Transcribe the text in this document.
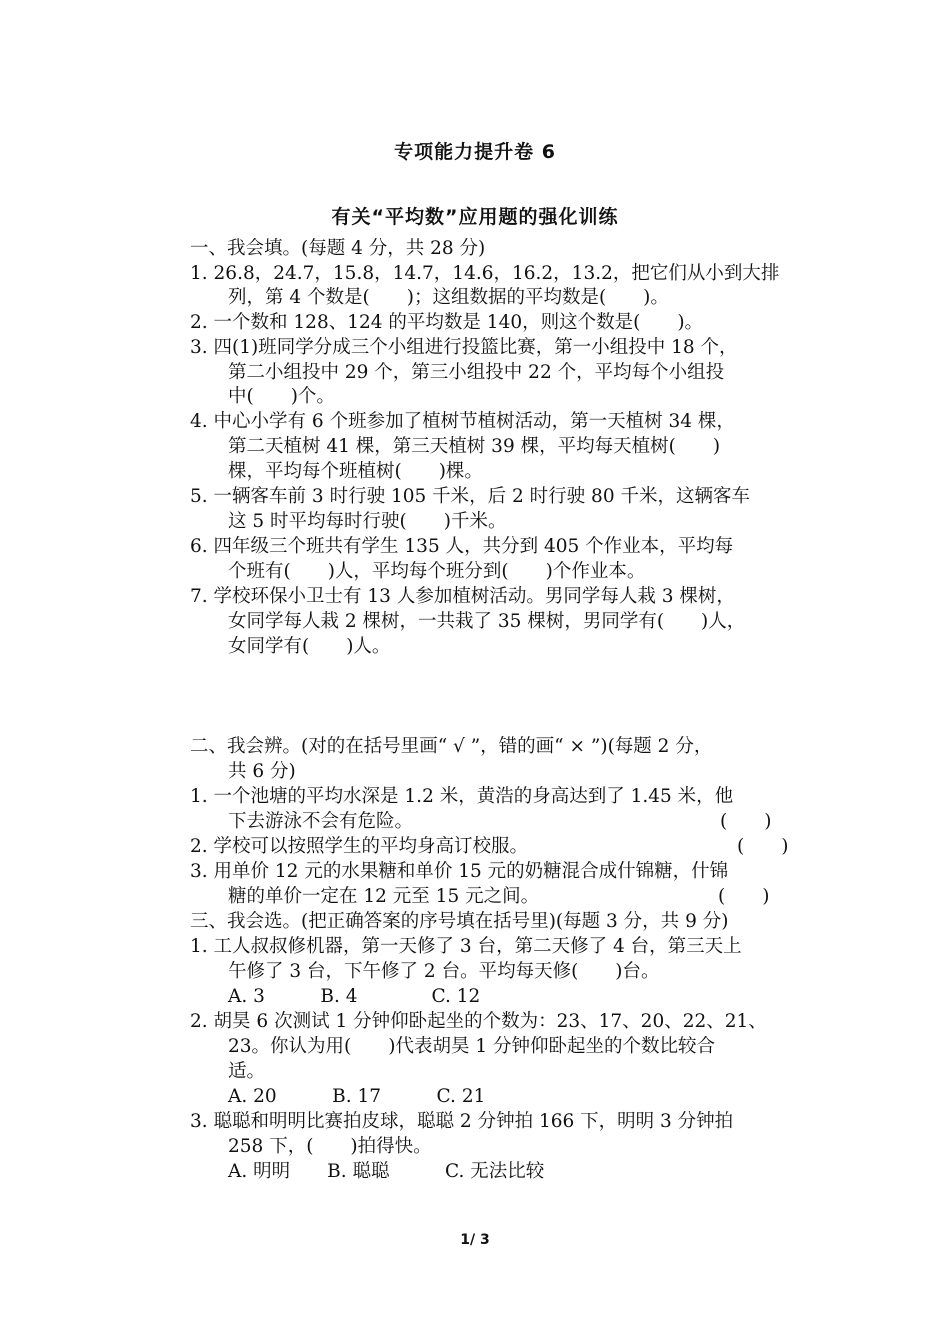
专项能力提升卷 6
有关“平均数”应用题的强化训练
一、我会填。(每题 4 分，共 28 分)
1. 26.8，24.7，15.8，14.7，14.6，16.2，13.2，把它们从小到大排
列，第 4 个数是(　　)；这组数据的平均数是(　　)。
2. 一个数和 128、124 的平均数是 140，则这个数是(　　)。
3. 四(1)班同学分成三个小组进行投篮比赛，第一小组投中 18 个，
第二小组投中 29 个，第三小组投中 22 个，平均每个小组投
中(　　)个。
4. 中心小学有 6 个班参加了植树节植树活动，第一天植树 34 棵，
第二天植树 41 棵，第三天植树 39 棵，平均每天植树(　　)
棵，平均每个班植树(　　)棵。
5. 一辆客车前 3 时行驶 105 千米，后 2 时行驶 80 千米，这辆客车
这 5 时平均每时行驶(　　)千米。
6. 四年级三个班共有学生 135 人，共分到 405 个作业本，平均每
个班有(　　)人，平均每个班分到(　　)个作业本。
7. 学校环保小卫士有 13 人参加植树活动。男同学每人栽 3 棵树，
女同学每人栽 2 棵树，一共栽了 35 棵树，男同学有(　　)人，
女同学有(　　)人。
二、我会辨。(对的在括号里画“ √ ”，错的画“ × ”)(每题 2 分，
共 6 分)
1. 一个池塘的平均水深是 1.2 米，黄浩的身高达到了 1.45 米，他
下去游泳不会有危险。	(　　)
2. 学校可以按照学生的平均身高订校服。	(　　)
3. 用单价 12 元的水果糖和单价 15 元的奶糖混合成什锦糖，什锦
糖的单价一定在 12 元至 15 元之间。	(　　)
三、我会选。(把正确答案的序号填在括号里)(每题 3 分，共 9 分)
1. 工人叔叔修机器，第一天修了 3 台，第二天修了 4 台，第三天上
午修了 3 台，下午修了 2 台。平均每天修(　　)台。
A. 3　　　B. 4　　　　C. 12
2. 胡昊 6 次测试 1 分钟仰卧起坐的个数为：23、17、20、22、21、
23。你认为用(　　)代表胡昊 1 分钟仰卧起坐的个数比较合
适。
A. 20　　　B. 17　　　C. 21
3. 聪聪和明明比赛拍皮球，聪聪 2 分钟拍 166 下，明明 3 分钟拍
258 下，(　　)拍得快。
A. 明明　　B. 聪聪　　　C. 无法比较
1/ 3
